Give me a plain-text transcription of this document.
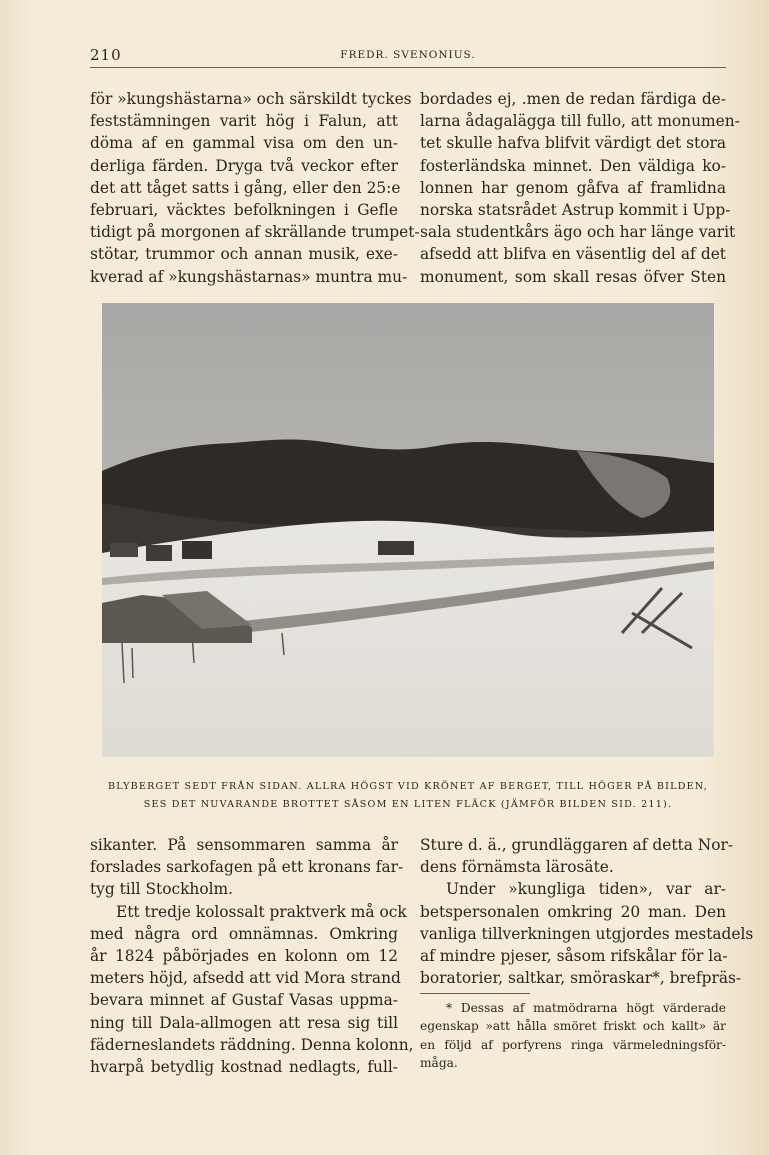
210	FREDR. SVENONIUS.
för »kungshästarna» och särskildt tyckes
feststämningen varit hög i Falun, att
döma af en gammal visa om den un-
derliga färden. Dryga två veckor efter
det att tåget satts i gång, eller den 25:e
februari, väcktes befolkningen i Gefle
tidigt på morgonen af skrällande trumpet-
stötar, trummor och annan musik, exe-
kverad af »kungshästarnas» muntra mu-
bordades ej, .men de redan färdiga de-
larna ådagalägga till fullo, att monumen-
tet skulle hafva blifvit värdigt det stora
fosterländska minnet. Den väldiga ko-
lonnen har genom gåfva af framlidna
norska statsrådet Astrup kommit i Upp-
sala studentkårs ägo och har länge varit
afsedd att blifva en väsentlig del af det
monument, som skall resas öfver Sten
BLYBERGET SEDT FRÅN SIDAN. ALLRA HÖGST VID KRÖNET AF BERGET, TILL HÖGER PÅ BILDEN,
SES DET NUVARANDE BROTTET SÅSOM EN LITEN FLÄCK (JÄMFÖR BILDEN SID. 211).
sikanter. På sensommaren samma år
forslades sarkofagen på ett kronans far-
tyg till Stockholm.
Ett tredje kolossalt praktverk må ock
med några ord omnämnas. Omkring
år 1824 påbörjades en kolonn om 12
meters höjd, afsedd att vid Mora strand
bevara minnet af Gustaf Vasas uppma-
ning till Dala-allmogen att resa sig till
fäderneslandets räddning. Denna kolonn,
hvarpå betydlig kostnad nedlagts, full-
Sture d. ä., grundläggaren af detta Nor-
dens förnämsta lärosäte.
Under »kungliga tiden», var ar-
betspersonalen omkring 20 man. Den
vanliga tillverkningen utgjordes mestadels
af mindre pjeser, såsom rifskålar för la-
boratorier, saltkar, smöraskar*, brefpräs-
* Dessas af matmödrarna högt värderade
egenskap »att hålla smöret friskt och kallt» är
en följd af porfyrens ringa värmeledningsför-
måga.
